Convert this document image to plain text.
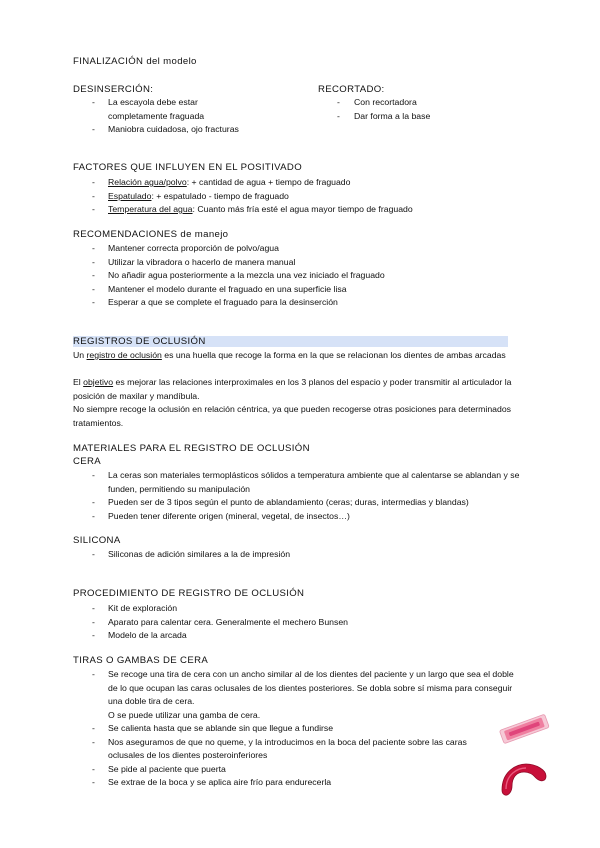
FINALIZACIÓN del modelo
DESINSERCIÓN:	RECORTADO:
- La escayola debe estar completamente fraguada
- Maniobra cuidadosa, ojo fracturas
- Con recortadora
- Dar forma a la base
FACTORES QUE INFLUYEN EN EL POSITIVADO
- Relación agua/polvo: + cantidad de agua + tiempo de fraguado
- Espatulado: + espatulado - tiempo de fraguado
- Temperatura del agua: Cuanto más fría esté el agua mayor tiempo de fraguado
RECOMENDACIONES de manejo
- Mantener correcta proporción de polvo/agua
- Utilizar la vibradora o hacerlo de manera manual
- No añadir agua posteriormente a la mezcla una vez iniciado el fraguado
- Mantener el modelo durante el fraguado en una superficie lisa
- Esperar a que se complete el fraguado para la desinserción
REGISTROS DE OCLUSIÓN
Un registro de oclusión es una huella que recoge la forma en la que se relacionan los dientes de ambas arcadas
El objetivo es mejorar las relaciones interproximales en los 3 planos del espacio y poder transmitir al articulador la posición de maxilar y mandíbula.
No siempre recoge la oclusión en relación céntrica, ya que pueden recogerse otras posiciones para determinados tratamientos.
MATERIALES PARA EL REGISTRO DE OCLUSIÓN
CERA
- La ceras son materiales termoplásticos sólidos a temperatura ambiente que al calentarse se ablandan y se funden, permitiendo su manipulación
- Pueden ser de 3 tipos según el punto de ablandamiento (ceras; duras, intermedias y blandas)
- Pueden tener diferente origen (mineral, vegetal, de insectos…)
SILICONA
- Siliconas de adición similares a la de impresión
PROCEDIMIENTO DE REGISTRO DE OCLUSIÓN
- Kit de exploración
- Aparato para calentar cera. Generalmente el mechero Bunsen
- Modelo de la arcada
TIRAS O GAMBAS DE CERA
- Se recoge una tira de cera con un ancho similar al de los dientes del paciente y un largo que sea el doble de lo que ocupan las caras oclusales de los dientes posteriores. Se dobla sobre sí misma para conseguir una doble tira de cera.
O se puede utilizar una gamba de cera.
- Se calienta hasta que se ablande sin que llegue a fundirse
- Nos aseguramos de que no queme, y la introducimos en la boca del paciente sobre las caras oclusales de los dientes posteroinferiores
- Se pide al paciente que puerta
- Se extrae de la boca y se aplica aire frío para endurecerla
